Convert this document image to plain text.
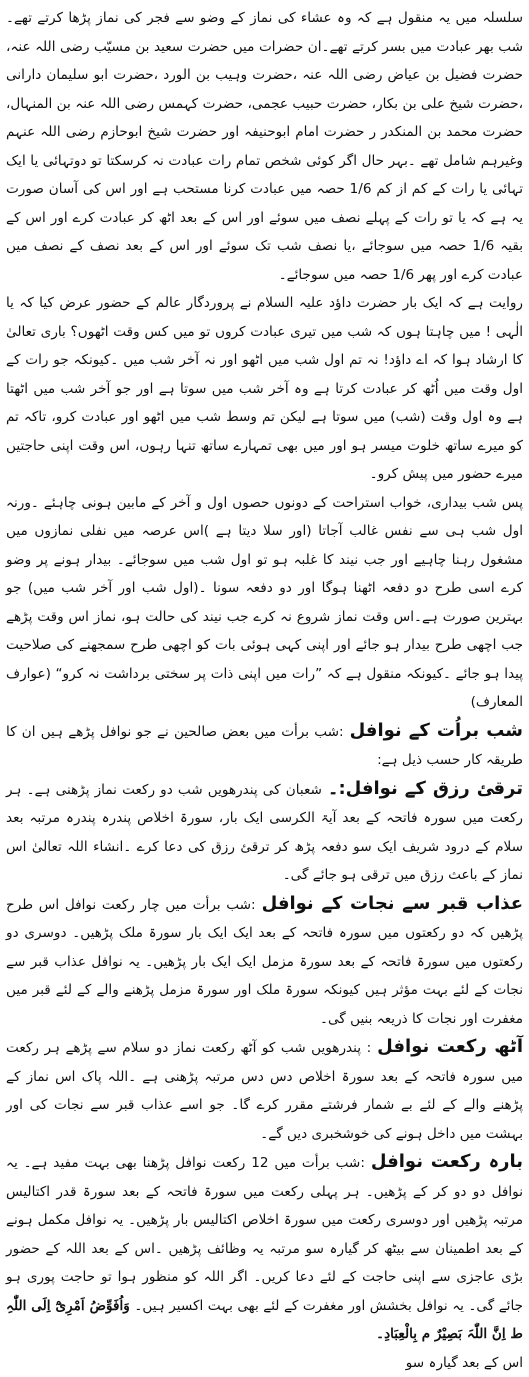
سلسلہ میں یہ منقول ہے کہ وہ عشاء کی نماز کے وضو سے فجر کی نماز پڑھا کرتے تھے۔شب بھر عبادت میں بسر کرتے تھے۔ان حضرات میں حضرت سعید بن مسیّب رضی اللہ عنہ، حضرت فضیل بن عیاض رضی اللہ عنہ ،حضرت وہیب بن الورد ،حضرت ابو سلیمان دارانی ،حضرت شیخ علی بن بکار، حضرت حبیب عجمی، حضرت کہمس رضی اللہ عنہ بن المنہال، حضرت محمد بن المنکدر ر حضرت امام ابوحنیفہ اور حضرت شیخ ابوحازم رضی اللہ عنہم وغیرہم شامل تھے ۔بہر حال اگر کوئی شخص تمام رات عبادت نہ کرسکتا تو دوتہائی یا ایک تہائی یا رات کے کم از کم 1/6 حصہ میں عبادت کرنا مستحب ہے اور اس کی آسان صورت یہ ہے کہ یا تو رات کے پہلے نصف میں سوئے اور اس کے بعد اٹھ کر عبادت کرے اور اس کے بقیہ 1/6 حصہ میں سوجائے ،یا نصف شب تک سوئے اور اس کے بعد نصف کے نصف میں عبادت کرے اور پھر 1/6 حصہ میں سوجائے۔

روایت ہے کہ ایک بار حضرت داؤد علیہ السلام نے پروردگار عالم کے حضور عرض کیا کہ یا الٰہی ! میں چاہتا ہوں کہ شب میں تیری عبادت کروں تو میں کس وقت اٹھوں؟ باری تعالیٰ کا ارشاد ہوا کہ اے داؤد! نہ تم اول شب میں اٹھو اور نہ آخر شب میں ۔کیونکہ جو رات کے اول وقت میں اُٹھ کر عبادت کرتا ہے وہ آخر شب میں سوتا ہے اور جو آخر شب میں اٹھتا ہے وہ اول وقت (شب) میں سوتا ہے لیکن تم وسط شب میں اٹھو اور عبادت کرو، تاکہ تم کو میرے ساتھ خلوت میسر ہو اور میں بھی تمہارے ساتھ تنہا رہوں، اس وقت اپنی حاجتیں میرے حضور میں پیش کرو۔

پس شب بیداری، خواب استراحت کے دونوں حصوں اول و آخر کے مابین ہونی چاہئے ۔ورنہ اول شب ہی سے نفس غالب آجاتا (اور سلا دیتا ہے )اس عرصہ میں نفلی نمازوں میں مشغول رہنا چاہیے اور جب نیند کا غلبہ ہو تو اول شب میں سوجائے۔ بیدار ہونے پر وضو کرے اسی طرح دو دفعہ اٹھنا ہوگا اور دو دفعہ سونا ۔(اول شب اور آخر شب میں) جو بہترین صورت ہے۔اس وقت نماز شروع نہ کرے جب نیند کی حالت ہو، نماز اس وقت پڑھے جب اچھی طرح بیدار ہو جائے اور اپنی کہی ہوئی بات کو اچھی طرح سمجھنے کی صلاحیت پیدا ہو جائے ۔کیونکہ منقول ہے کہ ”رات میں اپنی ذات پر سختی برداشت نہ کرو“ (عوارف المعارف)

شب براُت کے نوافل:شب برأت میں بعض صالحین نے جو نوافل پڑھے ہیں ان کا طریقہ کار حسب ذیل ہے:

ترقئ رزق کے نوافل:۔شعبان کی پندرھویں شب دو رکعت نماز پڑھنی ہے۔ ہر رکعت میں سورہ فاتحہ کے بعد آیۃ الکرسی ایک بار، سورۃ اخلاص پندرہ پندرہ مرتبہ بعد سلام کے درود شریف ایک سو دفعہ پڑھ کر ترقئ رزق کی دعا کرے ۔انشاء اللہ تعالیٰ اس نماز کے باعث رزق میں ترقی ہو جائے گی۔

عذاب قبر سے نجات کے نوافل:شب برأت میں چار رکعت نوافل اس طرح پڑھیں کہ دو رکعتوں میں سورہ فاتحہ کے بعد ایک ایک بار سورۃ ملک پڑھیں۔ دوسری دو رکعتوں میں سورۃ فاتحہ کے بعد سورۃ مزمل ایک ایک بار پڑھیں۔ یہ نوافل عذاب قبر سے نجات کے لئے بہت مؤثر ہیں کیونکہ سورۃ ملک اور سورۃ مزمل پڑھنے والے کے لئے قبر میں مغفرت اور نجات کا ذریعہ بنیں گی۔

آٹھ رکعت نوافل: پندرھویں شب کو آٹھ رکعت نماز دو سلام سے پڑھے ہر رکعت میں سورہ فاتحہ کے بعد سورۃ اخلاص دس دس مرتبہ پڑھنی ہے ۔اللہ پاک اس نماز کے پڑھنے والے کے لئے بے شمار فرشتے مقرر کرے گا۔ جو اسے عذاب قبر سے نجات کی اور بہشت میں داخل ہونے کی خوشخبری دیں گے۔

بارہ رکعت نوافل:شب برأت میں 12 رکعت نوافل پڑھنا بھی بہت مفید ہے۔ یہ نوافل دو دو کر کے پڑھیں۔ ہر پہلی رکعت میں سورۃ فاتحہ کے بعد سورۃ قدر اکتالیس مرتبہ پڑھیں اور دوسری رکعت میں سورۃ اخلاص اکتالیس بار پڑھیں۔ یہ نوافل مکمل ہونے کے بعد اطمینان سے بیٹھ کر گیارہ سو مرتبہ یہ وظائف پڑھیں ۔اس کے بعد اللہ کے حضور بڑی عاجزی سے اپنی حاجت کے لئے دعا کریں۔ اگر اللہ کو منظور ہوا تو حاجت پوری ہو جائے گی۔ یہ نوافل بخشش اور مغفرت کے لئے بھی بہت اکسیر ہیں۔ وَاُفَوِّضُ اَمْرِیْٓ اِلَی اللّٰہِ ط اِنَّ اللّٰہَ بَصِیْرٌ م بِالْعِبَادِ۔
اس کے بعد گیارہ سو
